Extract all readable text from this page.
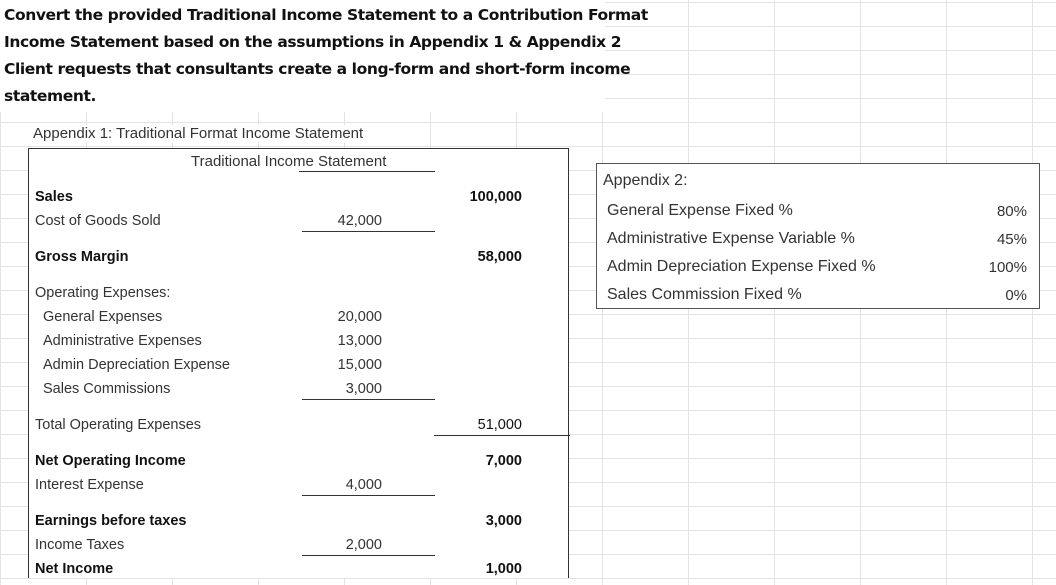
Convert the provided Traditional Income Statement to a Contribution Format
Income Statement based on the assumptions in Appendix 1 & Appendix 2
Client requests that consultants create a long-form and short-form income
statement.
Appendix 1: Traditional Format Income Statement
Traditional Income Statement
Sales	100,000
Cost of Goods Sold	42,000
Gross Margin	58,000
Operating Expenses:
General Expenses	20,000
Administrative Expenses	13,000
Admin Depreciation Expense	15,000
Sales Commissions	3,000
Total Operating Expenses	51,000
Net Operating Income	7,000
Interest Expense	4,000
Earnings before taxes	3,000
Income Taxes	2,000
Net Income	1,000
Appendix 2:
General Expense Fixed %	80%
Administrative Expense Variable %	45%
Admin Depreciation Expense Fixed %	100%
Sales Commission Fixed %	0%
